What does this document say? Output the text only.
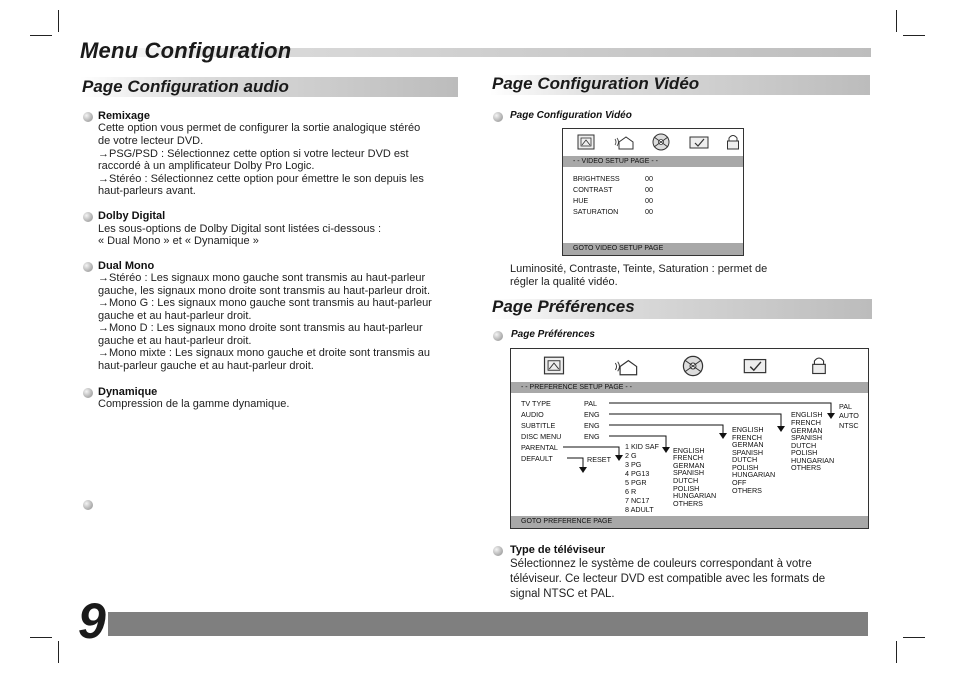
Menu Configuration
Page Configuration audio
Remixage
Cette option vous permet de configurer la sortie analogique stéréo
de votre lecteur DVD.
→PSG/PSD : Sélectionnez cette option si votre lecteur DVD est
raccordé à un amplificateur Dolby Pro Logic.
→Stéréo : Sélectionnez cette option pour émettre le son depuis les
haut-parleurs avant.
Dolby Digital
Les sous-options de Dolby Digital sont listées ci-dessous :
« Dual Mono » et « Dynamique »
Dual Mono
→Stéréo : Les signaux mono gauche sont transmis au haut-parleur
gauche, les signaux mono droite sont transmis au haut-parleur droit.
→Mono G : Les signaux mono gauche sont transmis au haut-parleur
gauche et au haut-parleur droit.
→Mono D : Les signaux mono droite sont transmis au haut-parleur
gauche et au haut-parleur droit.
→Mono mixte : Les signaux mono gauche et droite sont transmis au
haut-parleur gauche et au haut-parleur droit.
Dynamique
Compression de la gamme dynamique.
Page Configuration Vidéo
Page Configuration Vidéo
- - VIDEO SETUP PAGE - -
BRIGHTNESS	00
CONTRAST	00
HUE	00
SATURATION	00
GOTO VIDEO SETUP PAGE
Luminosité, Contraste, Teinte, Saturation : permet de
régler la qualité vidéo.
Page Préférences
Page Préférences
- - PREFERENCE SETUP PAGE - -
TV TYPE	PAL
AUDIO	ENG
SUBTITLE	ENG
DISC MENU	ENG
PARENTAL
DEFAULT	RESET
PAL
AUTO
NTSC
ENGLISH
FRENCH
GERMAN
SPANISH
DUTCH
POLISH
HUNGARIAN
OTHERS
ENGLISH
FRENCH
GERMAN
SPANISH
DUTCH
POLISH
HUNGARIAN
OFF
OTHERS
ENGLISH
FRENCH
GERMAN
SPANISH
DUTCH
POLISH
HUNGARIAN
OTHERS
1 KID SAF
2 G
3 PG
4 PG13
5 PGR
6 R
7 NC17
8 ADULT
GOTO PREFERENCE PAGE
Type de téléviseur
Sélectionnez le système de couleurs correspondant à votre
téléviseur. Ce lecteur DVD est compatible avec les formats de
signal NTSC et PAL.
9
